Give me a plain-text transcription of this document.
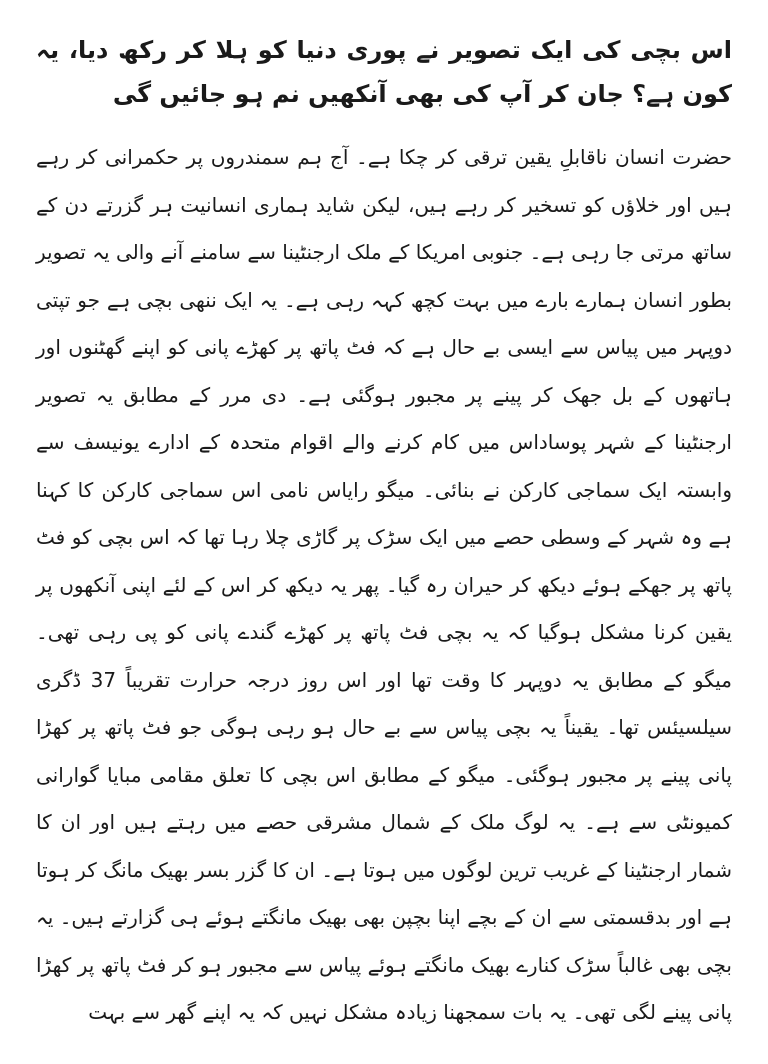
اس بچی کی ایک تصویر نے پوری دنیا کو ہلا کر رکھ دیا، یہ کون ہے؟ جان کر آپ کی بھی آنکھیں نم ہو جائیں گی

حضرت انسان ناقابلِ یقین ترقی کر چکا ہے۔ آج ہم سمندروں پر حکمرانی کر رہے ہیں اور خلاؤں کو تسخیر کر رہے ہیں، لیکن شاید ہماری انسانیت ہر گزرتے دن کے ساتھ مرتی جا رہی ہے۔ جنوبی امریکا کے ملک ارجنٹینا سے سامنے آنے والی یہ تصویر بطور انسان ہمارے بارے میں بہت کچھ کہہ رہی ہے۔ یہ ایک ننھی بچی ہے جو تپتی دوپہر میں پیاس سے ایسی بے حال ہے کہ فٹ پاتھ پر کھڑے پانی کو اپنے گھٹنوں اور ہاتھوں کے بل جھک کر پینے پر مجبور ہوگئی ہے۔ دی مرر کے مطابق یہ تصویر ارجنٹینا کے شہر پوساداس میں کام کرنے والے اقوام متحدہ کے ادارے یونیسف سے وابستہ ایک سماجی کارکن نے بنائی۔ میگو رایاس نامی اس سماجی کارکن کا کہنا ہے وہ شہر کے وسطی حصے میں ایک سڑک پر گاڑی چلا رہا تھا کہ اس بچی کو فٹ پاتھ پر جھکے ہوئے دیکھ کر حیران رہ گیا۔ پھر یہ دیکھ کر اس کے لئے اپنی آنکھوں پر یقین کرنا مشکل ہوگیا کہ یہ بچی فٹ پاتھ پر کھڑے گندے پانی کو پی رہی تھی۔ میگو کے مطابق یہ دوپہر کا وقت تھا اور اس روز درجہ حرارت تقریباً 37 ڈگری سیلسیئس تھا۔ یقیناً یہ بچی پیاس سے بے حال ہو رہی ہوگی جو فٹ پاتھ پر کھڑا پانی پینے پر مجبور ہوگئی۔ میگو کے مطابق اس بچی کا تعلق مقامی مبایا گوارانی کمیونٹی سے ہے۔ یہ لوگ ملک کے شمال مشرقی حصے میں رہتے ہیں اور ان کا شمار ارجنٹینا کے غریب ترین لوگوں میں ہوتا ہے۔ ان کا گزر بسر بھیک مانگ کر ہوتا ہے اور بدقسمتی سے ان کے بچے اپنا بچپن بھی بھیک مانگتے ہوئے ہی گزارتے ہیں۔ یہ بچی بھی غالباً سڑک کنارے بھیک مانگتے ہوئے پیاس سے مجبور ہو کر فٹ پاتھ پر کھڑا پانی پینے لگی تھی۔ یہ بات سمجھنا زیادہ مشکل نہیں کہ یہ اپنے گھر سے بہت
